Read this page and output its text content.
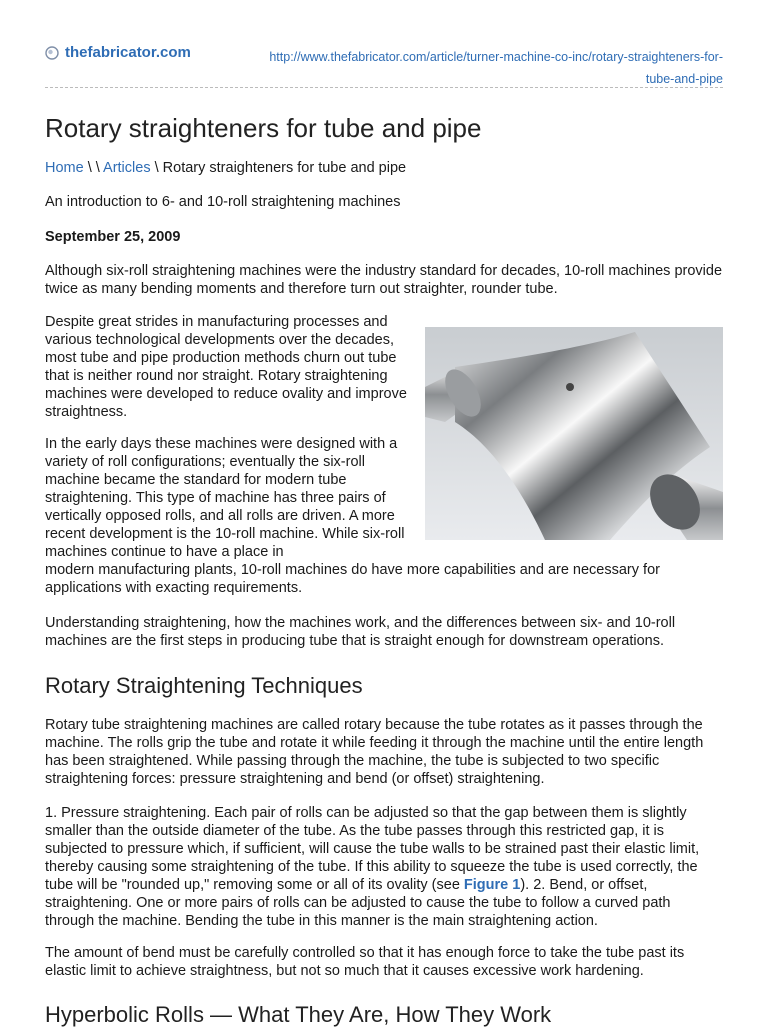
thefabricator.com	http://www.thefabricator.com/article/turner-machine-co-inc/rotary-straighteners-for-
tube-and-pipe
Rotary straighteners for tube and pipe
Home \ \ Articles \ Rotary straighteners for tube and pipe

An introduction to 6- and 10-roll straightening machines

September 25, 2009

Although six-roll straightening machines were the industry standard for decades, 10-roll machines provide twice as many bending moments and therefore turn out straighter, rounder tube.

Despite great strides in manufacturing processes and various technological developments over the decades, most tube and pipe production methods churn out tube that is neither round nor straight. Rotary straightening machines were developed to reduce ovality and improve straightness.

In the early days these machines were designed with a variety of roll configurations; eventually the six-roll machine became the standard for modern tube straightening. This type of machine has three pairs of vertically opposed rolls, and all rolls are driven. A more recent development is the 10-roll machine. While six-roll machines continue to have a place in

modern manufacturing plants, 10-roll machines do have more capabilities and are necessary for applications with exacting requirements.

Understanding straightening, how the machines work, and the differences between six- and 10-roll machines are the first steps in producing tube that is straight enough for downstream operations.

Rotary Straightening Techniques

Rotary tube straightening machines are called rotary because the tube rotates as it passes through the machine. The rolls grip the tube and rotate it while feeding it through the machine until the entire length has been straightened. While passing through the machine, the tube is subjected to two specific straightening forces: pressure straightening and bend (or offset) straightening.

1. Pressure straightening. Each pair of rolls can be adjusted so that the gap between them is slightly smaller than the outside diameter of the tube. As the tube passes through this restricted gap, it is subjected to pressure which, if sufficient, will cause the tube walls to be strained past their elastic limit, thereby causing some straightening of the tube. If this ability to squeeze the tube is used correctly, the tube will be "rounded up," removing some or all of its ovality (see Figure 1). 2. Bend, or offset, straightening. One or more pairs of rolls can be adjusted to cause the tube to follow a curved path through the machine. Bending the tube in this manner is the main straightening action.

The amount of bend must be carefully controlled so that it has enough force to take the tube past its elastic limit to achieve straightness, but not so much that it causes excessive work hardening.

Hyperbolic Rolls — What They Are, How They Work
